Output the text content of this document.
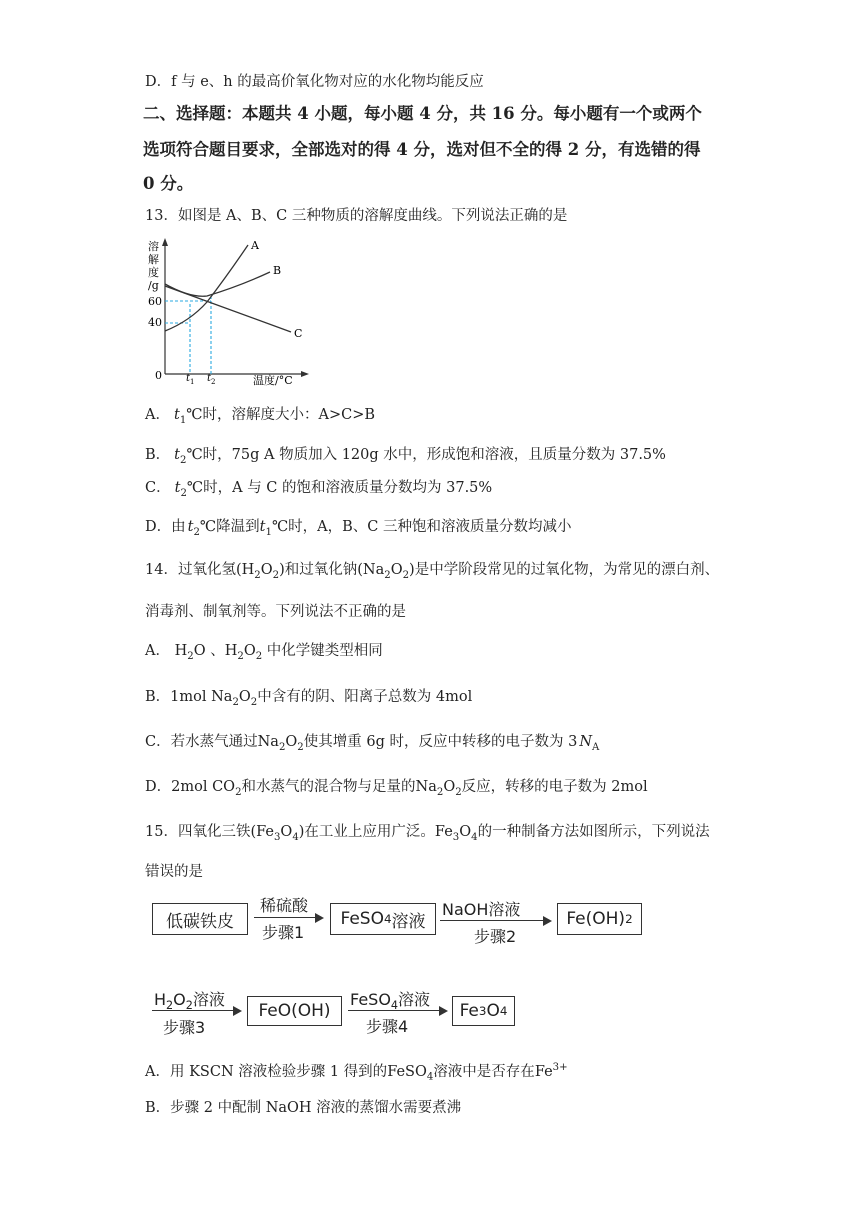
D．f 与 e、h 的最高价氧化物对应的水化物均能反应
二、选择题：本题共 4 小题，每小题 4 分，共 16 分。每小题有一个或两个
选项符合题目要求，全部选对的得 4 分，选对但不全的得 2 分，有选错的得
0 分。
13．如图是 A、B、C 三种物质的溶解度曲线。下列说法正确的是
溶
解
度
/g
60
40
0
A
B
C
t 1 t 2	温度/°C
A． $t_1℃$时，溶解度大小：A>C>B
B． $t_2℃$时，75g A 物质加入 120g 水中，形成饱和溶液，且质量分数为 37.5%
C． $t_2℃$时，A 与 C 的饱和溶液质量分数均为 37.5%
D．由 $t_2℃$降温到$t_1℃$时，A，B、C 三种饱和溶液质量分数均减小
14．过氧化氢$(H_2O_2)$和过氧化钠$(Na_2O_2)$是中学阶段常见的过氧化物，为常见的漂白剂、
消毒剂、制氧剂等。下列说法不正确的是
A． $H_2O$ 、$H_2O_2$ 中化学键类型相同
B．1mol $Na_2O_2$中含有的阴、阳离子总数为 4mol
C．若水蒸气通过$Na_2O_2$使其增重 6g 时，反应中转移的电子数为 3 $N_A$
D．2mol $CO_2$和水蒸气的混合物与足量的$Na_2O_2$反应，转移的电子数为 2mol
15．四氧化三铁$(Fe_3O_4)$在工业上应用广泛。$Fe_3O_4$的一种制备方法如图所示，下列说法
错误的是
低碳铁皮
稀硫酸
步骤1
FeSO 4 溶液
NaOH溶液
步骤2
Fe(OH) 2
$H_2O_2$溶液
步骤3
FeO(OH)
FeSO$_4$溶液
步骤4
Fe 3 O 4
A．用 KSCN 溶液检验步骤 1 得到的FeSO$_4$溶液中是否存在$Fe^{3+}$
B．步骤 2 中配制 NaOH 溶液的蒸馏水需要煮沸
